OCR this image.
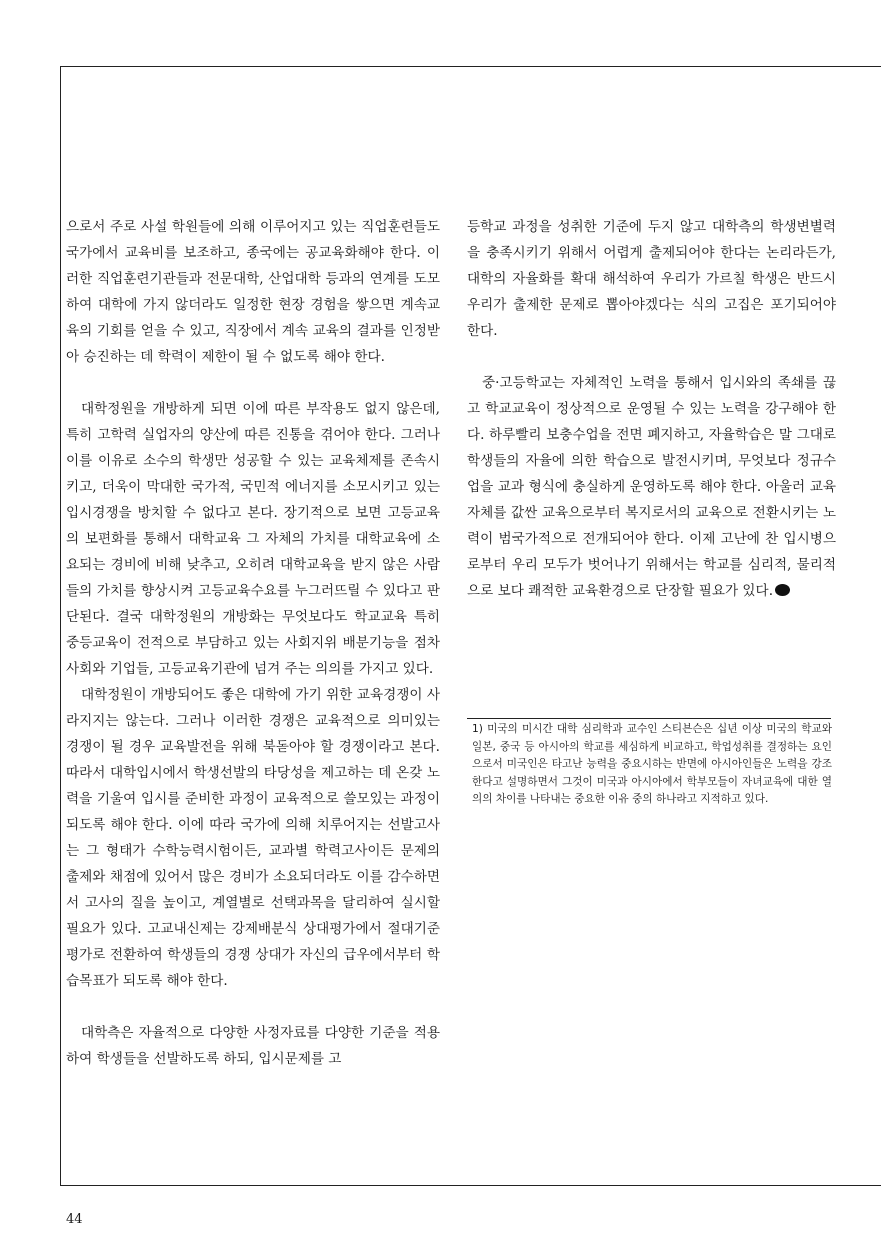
으로서 주로 사설 학원들에 의해 이루어지고 있는 직업훈련들도 국가에서 교육비를 보조하고, 종국에는 공교육화해야 한다. 이러한 직업훈련기관들과 전문대학, 산업대학 등과의 연계를 도모하여 대학에 가지 않더라도 일정한 현장 경험을 쌓으면 계속교육의 기회를 얻을 수 있고, 직장에서 계속 교육의 결과를 인정받아 승진하는 데 학력이 제한이 될 수 없도록 해야 한다.

대학정원을 개방하게 되면 이에 따른 부작용도 없지 않은데, 특히 고학력 실업자의 양산에 따른 진통을 겪어야 한다. 그러나 이를 이유로 소수의 학생만 성공할 수 있는 교육체제를 존속시키고, 더욱이 막대한 국가적, 국민적 에너지를 소모시키고 있는 입시경쟁을 방치할 수 없다고 본다. 장기적으로 보면 고등교육의 보편화를 통해서 대학교육 그 자체의 가치를 대학교육에 소요되는 경비에 비해 낮추고, 오히려 대학교육을 받지 않은 사람들의 가치를 향상시켜 고등교육수요를 누그러뜨릴 수 있다고 판단된다. 결국 대학정원의 개방화는 무엇보다도 학교교육 특히 중등교육이 전적으로 부담하고 있는 사회지위 배분기능을 점차 사회와 기업들, 고등교육기관에 넘겨 주는 의의를 가지고 있다.

대학정원이 개방되어도 좋은 대학에 가기 위한 교육경쟁이 사라지지는 않는다. 그러나 이러한 경쟁은 교육적으로 의미있는 경쟁이 될 경우 교육발전을 위해 북돋아야 할 경쟁이라고 본다. 따라서 대학입시에서 학생선발의 타당성을 제고하는 데 온갖 노력을 기울여 입시를 준비한 과정이 교육적으로 쓸모있는 과정이 되도록 해야 한다. 이에 따라 국가에 의해 치루어지는 선발고사는 그 형태가 수학능력시험이든, 교과별 학력고사이든 문제의 출제와 채점에 있어서 많은 경비가 소요되더라도 이를 감수하면서 고사의 질을 높이고, 계열별로 선택과목을 달리하여 실시할 필요가 있다. 고교내신제는 강제배분식 상대평가에서 절대기준평가로 전환하여 학생들의 경쟁 상대가 자신의 급우에서부터 학습목표가 되도록 해야 한다.

대학측은 자율적으로 다양한 사정자료를 다양한 기준을 적용하여 학생들을 선발하도록 하되, 입시문제를 고

등학교 과정을 성취한 기준에 두지 않고 대학측의 학생변별력을 충족시키기 위해서 어렵게 출제되어야 한다는 논리라든가, 대학의 자율화를 확대 해석하여 우리가 가르칠 학생은 반드시 우리가 출제한 문제로 뽑아야겠다는 식의 고집은 포기되어야 한다.

중·고등학교는 자체적인 노력을 통해서 입시와의 족쇄를 끊고 학교교육이 정상적으로 운영될 수 있는 노력을 강구해야 한다. 하루빨리 보충수업을 전면 폐지하고, 자율학습은 말 그대로 학생들의 자율에 의한 학습으로 발전시키며, 무엇보다 정규수업을 교과 형식에 충실하게 운영하도록 해야 한다. 아울러 교육자체를 값싼 교육으로부터 복지로서의 교육으로 전환시키는 노력이 범국가적으로 전개되어야 한다. 이제 고난에 찬 입시병으로부터 우리 모두가 벗어나기 위해서는 학교를 심리적, 물리적으로 보다 쾌적한 교육환경으로 단장할 필요가 있다.

1) 미국의 미시간 대학 심리학과 교수인 스티븐슨은 십년 이상 미국의 학교와 일본, 중국 등 아시아의 학교를 세심하게 비교하고, 학업성취를 결정하는 요인으로서 미국인은 타고난 능력을 중요시하는 반면에 아시아인들은 노력을 강조한다고 설명하면서 그것이 미국과 아시아에서 학부모들이 자녀교육에 대한 열의의 차이를 나타내는 중요한 이유 중의 하나라고 지적하고 있다.
44
